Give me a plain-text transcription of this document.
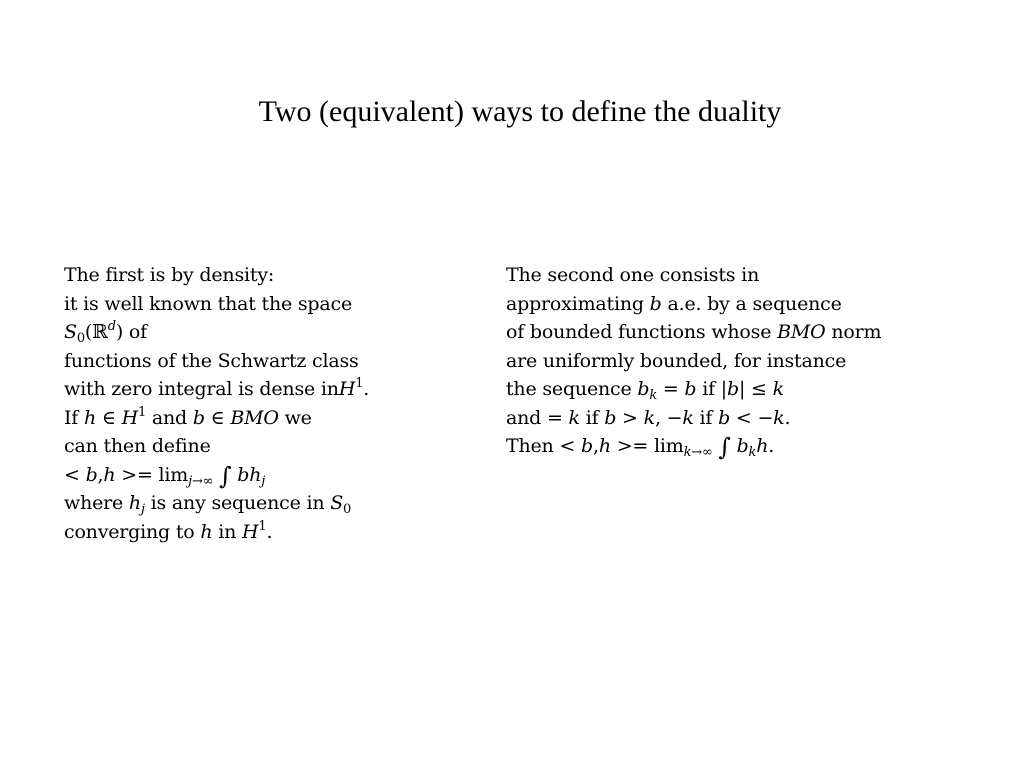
Two (equivalent) ways to define the duality
The first is by density:
it is well known that the space
$S_0(ℝ^d)$ of
functions of the Schwartz class
with zero integral is dense inH$^1$.
If h ∈ $H^1$ and b ∈ BMO we
can then define
< $b,h >= \lim_{j\to\infty}$ ∫ $bh_j$
where $h_j$ is any sequence in $S_0$
converging to h in $H^1$.
The second one consists in
approximating b a.e. by a sequence
of bounded functions whose BMO norm
are uniformly bounded, for instance
the sequence $b_k = b$ if |b| ≤ k
and = k if b > k, −k if b < −k.
Then < $b,h >= \lim_{k\to\infty}$ ∫ $b_kh$.
